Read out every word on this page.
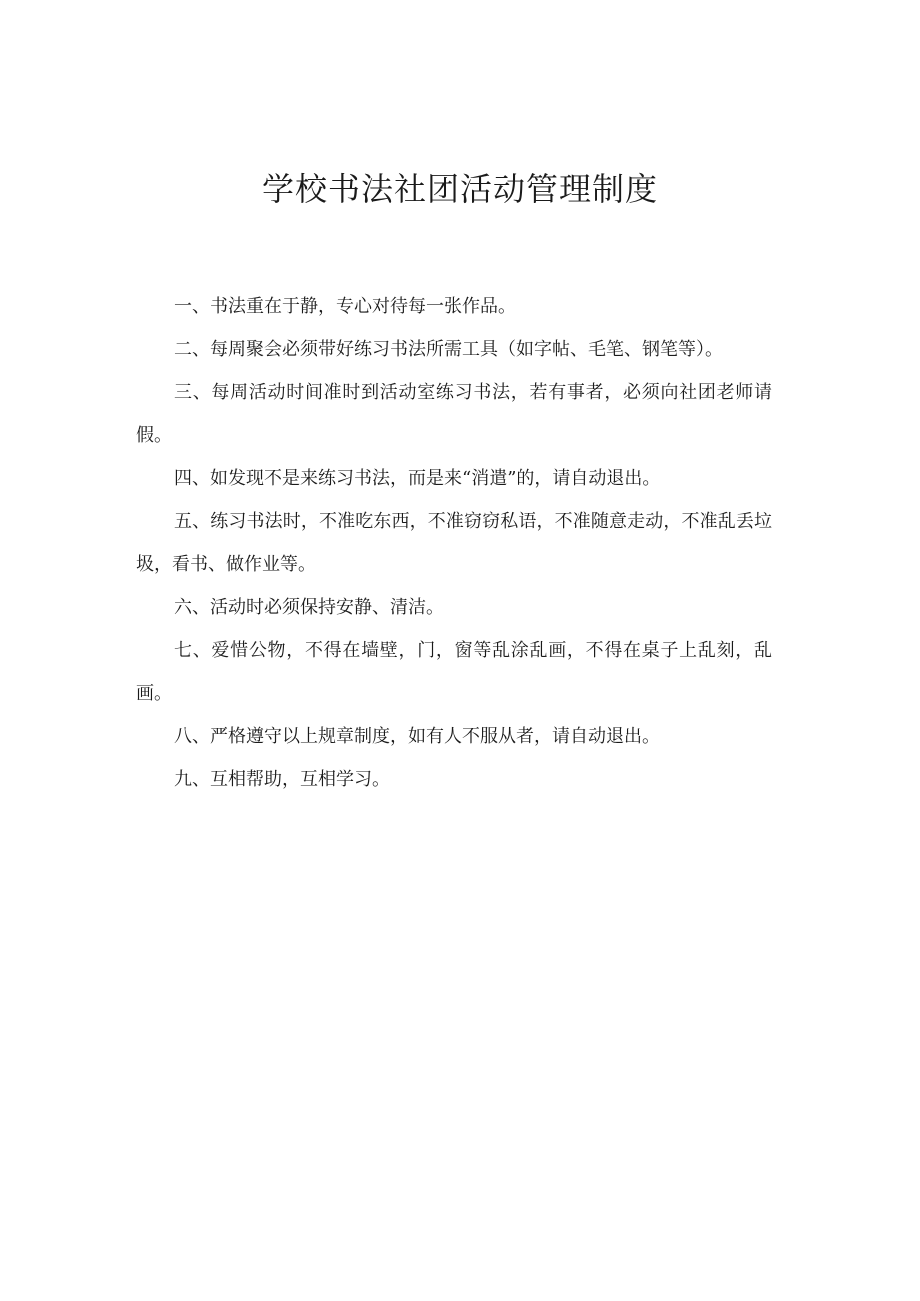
学校书法社团活动管理制度

一、书法重在于静，专心对待每一张作品。

二、每周聚会必须带好练习书法所需工具（如字帖、毛笔、钢笔等）。

三、每周活动时间准时到活动室练习书法，若有事者，必须向社团老师请假。

四、如发现不是来练习书法，而是来“消遣”的，请自动退出。

五、练习书法时，不准吃东西，不准窃窃私语，不准随意走动，不准乱丢垃圾，看书、做作业等。

六、活动时必须保持安静、清洁。

七、爱惜公物，不得在墙壁，门，窗等乱涂乱画，不得在桌子上乱刻，乱画。

八、严格遵守以上规章制度，如有人不服从者，请自动退出。

九、互相帮助，互相学习。
